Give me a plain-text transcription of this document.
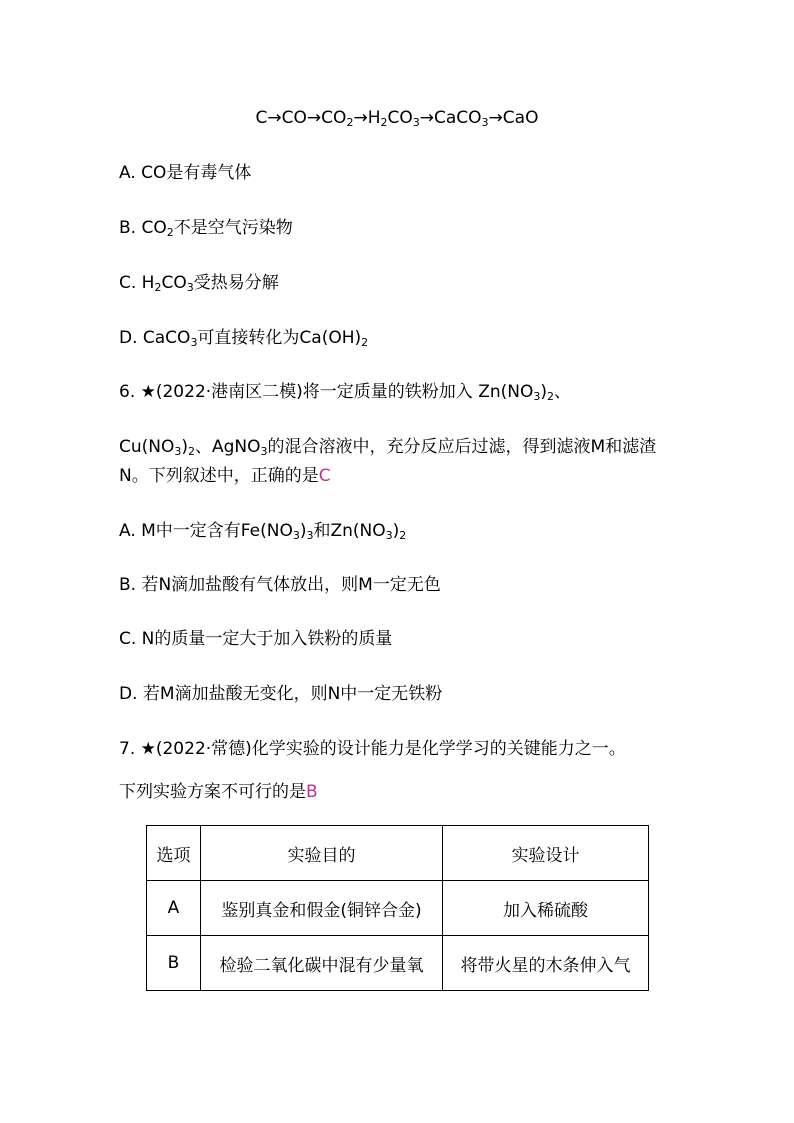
$C\to CO\to CO_2\to H_2CO_3\to CaCO_3\to CaO$
A. CO是有毒气体
B. $CO_2$不是空气污染物
C. $H_2CO_3$受热易分解
D. CaCO$_3$可直接转化为$Ca(OH)_2$
6. ★(2022·港南区二模)将一定质量的铁粉加入 $Zn(NO_3)_2$、
$Cu(NO_3)_2$、AgNO$_3$的混合溶液中，充分反应后过滤，得到滤液M和滤渣
N。下列叙述中，正确的是C
A. M中一定含有$Fe(NO_3)_3$和$Zn(NO_3)_2$
B. 若N滴加盐酸有气体放出，则M一定无色
C. N的质量一定大于加入铁粉的质量
D. 若M滴加盐酸无变化，则N中一定无铁粉
7. ★(2022·常德)化学实验的设计能力是化学学习的关键能力之一。
下列实验方案不可行的是B
选项	实验目的	实验设计
A	鉴别真金和假金(铜锌合金)	加入稀硫酸
B	检验二氧化碳中混有少量氧	将带火星的木条伸入气
